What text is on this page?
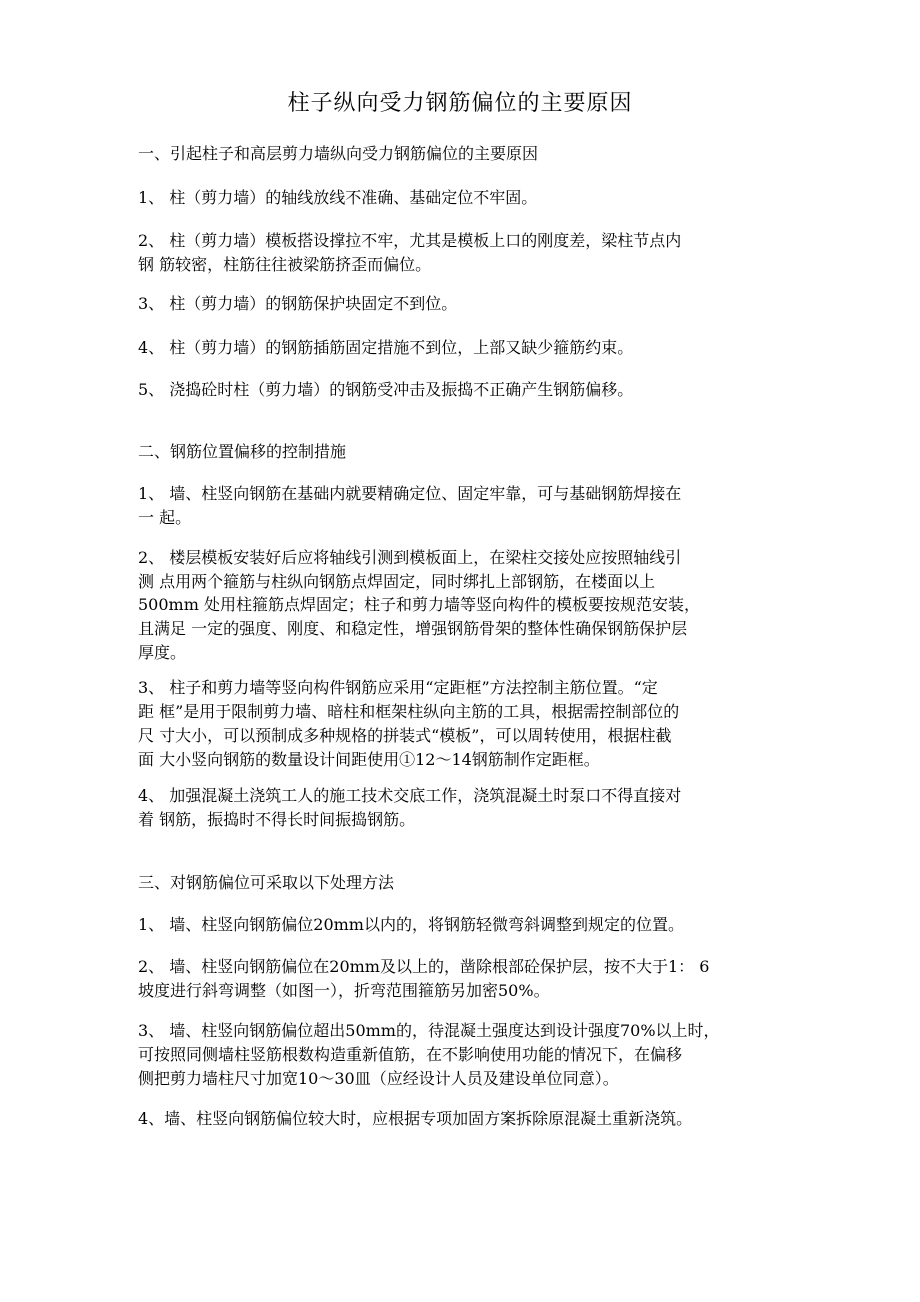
柱子纵向受力钢筋偏位的主要原因
一、引起柱子和高层剪力墙纵向受力钢筋偏位的主要原因
1、 柱（剪力墙）的轴线放线不准确、基础定位不牢固。
2、 柱（剪力墙）模板搭设撑拉不牢，尤其是模板上口的刚度差，梁柱节点内
钢 筋较密，柱筋往往被梁筋挤歪而偏位。
3、 柱（剪力墙）的钢筋保护块固定不到位。
4、 柱（剪力墙）的钢筋插筋固定措施不到位，上部又缺少箍筋约束。
5、 浇捣砼时柱（剪力墙）的钢筋受冲击及振捣不正确产生钢筋偏移。
二、钢筋位置偏移的控制措施
1、 墙、柱竖向钢筋在基础内就要精确定位、固定牢靠，可与基础钢筋焊接在
一 起。
2、 楼层模板安装好后应将轴线引测到模板面上，在梁柱交接处应按照轴线引
测 点用两个箍筋与柱纵向钢筋点焊固定，同时绑扎上部钢筋，在楼面以上
500mm 处用柱箍筋点焊固定；柱子和剪力墙等竖向构件的模板要按规范安装，
且满足 一定的强度、刚度、和稳定性，增强钢筋骨架的整体性确保钢筋保护层
厚度。
3、 柱子和剪力墙等竖向构件钢筋应采用“定距框”方法控制主筋位置。“定
距 框”是用于限制剪力墙、暗柱和框架柱纵向主筋的工具，根据需控制部位的
尺 寸大小，可以预制成多种规格的拼装式“模板”，可以周转使用，根据柱截
面 大小竖向钢筋的数量设计间距使用①12〜14钢筋制作定距框。
4、 加强混凝土浇筑工人的施工技术交底工作，浇筑混凝土时泵口不得直接对
着 钢筋，振捣时不得长时间振捣钢筋。
三、对钢筋偏位可采取以下处理方法
1、 墙、柱竖向钢筋偏位20mm以内的，将钢筋轻微弯斜调整到规定的位置。
2、 墙、柱竖向钢筋偏位在20mm及以上的，凿除根部砼保护层，按不大于1： 6
坡度进行斜弯调整（如图一），折弯范围箍筋另加密50%。
3、 墙、柱竖向钢筋偏位超出50mm的，待混凝土强度达到设计强度70%以上时，
可按照同侧墙柱竖筋根数构造重新值筋，在不影响使用功能的情况下，在偏移
侧把剪力墙柱尺寸加宽10〜30皿（应经设计人员及建设单位同意）。
4、墙、柱竖向钢筋偏位较大时，应根据专项加固方案拆除原混凝土重新浇筑。
